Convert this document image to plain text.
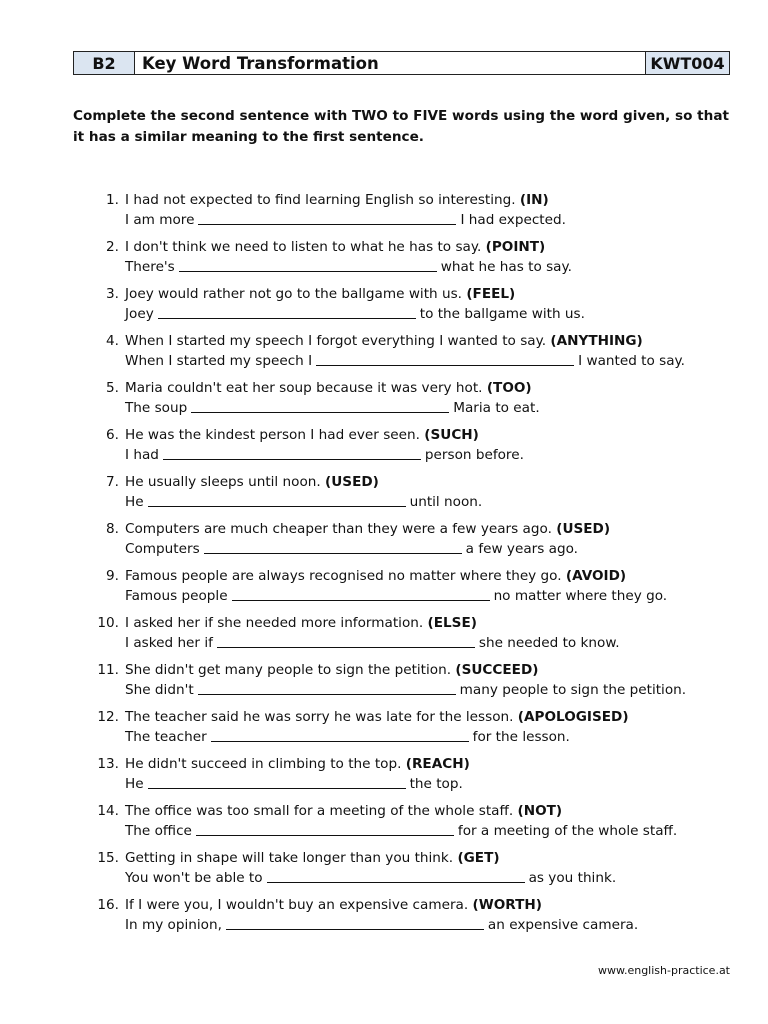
B2	Key Word Transformation	KWT004
Complete the second sentence with TWO to FIVE words using the word given, so that it has a similar meaning to the first sentence.
1. I had not expected to find learning English so interesting. (IN)
I am more	I had expected.
2. I don't think we need to listen to what he has to say. (POINT)
There's	what he has to say.
3. Joey would rather not go to the ballgame with us. (FEEL)
Joey	to the ballgame with us.
4. When I started my speech I forgot everything I wanted to say. (ANYTHING)
When I started my speech I	I wanted to say.
5. Maria couldn't eat her soup because it was very hot. (TOO)
The soup	Maria to eat.
6. He was the kindest person I had ever seen. (SUCH)
I had	person before.
7. He usually sleeps until noon. (USED)
He	until noon.
8. Computers are much cheaper than they were a few years ago. (USED)
Computers	a few years ago.
9. Famous people are always recognised no matter where they go. (AVOID)
Famous people	no matter where they go.
10. I asked her if she needed more information. (ELSE)
I asked her if	she needed to know.
11. She didn't get many people to sign the petition. (SUCCEED)
She didn't	many people to sign the petition.
12. The teacher said he was sorry he was late for the lesson. (APOLOGISED)
The teacher	for the lesson.
13. He didn't succeed in climbing to the top. (REACH)
He	the top.
14. The office was too small for a meeting of the whole staff. (NOT)
The office	for a meeting of the whole staff.
15. Getting in shape will take longer than you think. (GET)
You won't be able to	as you think.
16. If I were you, I wouldn't buy an expensive camera. (WORTH)
In my opinion,	an expensive camera.
www.english-practice.at
